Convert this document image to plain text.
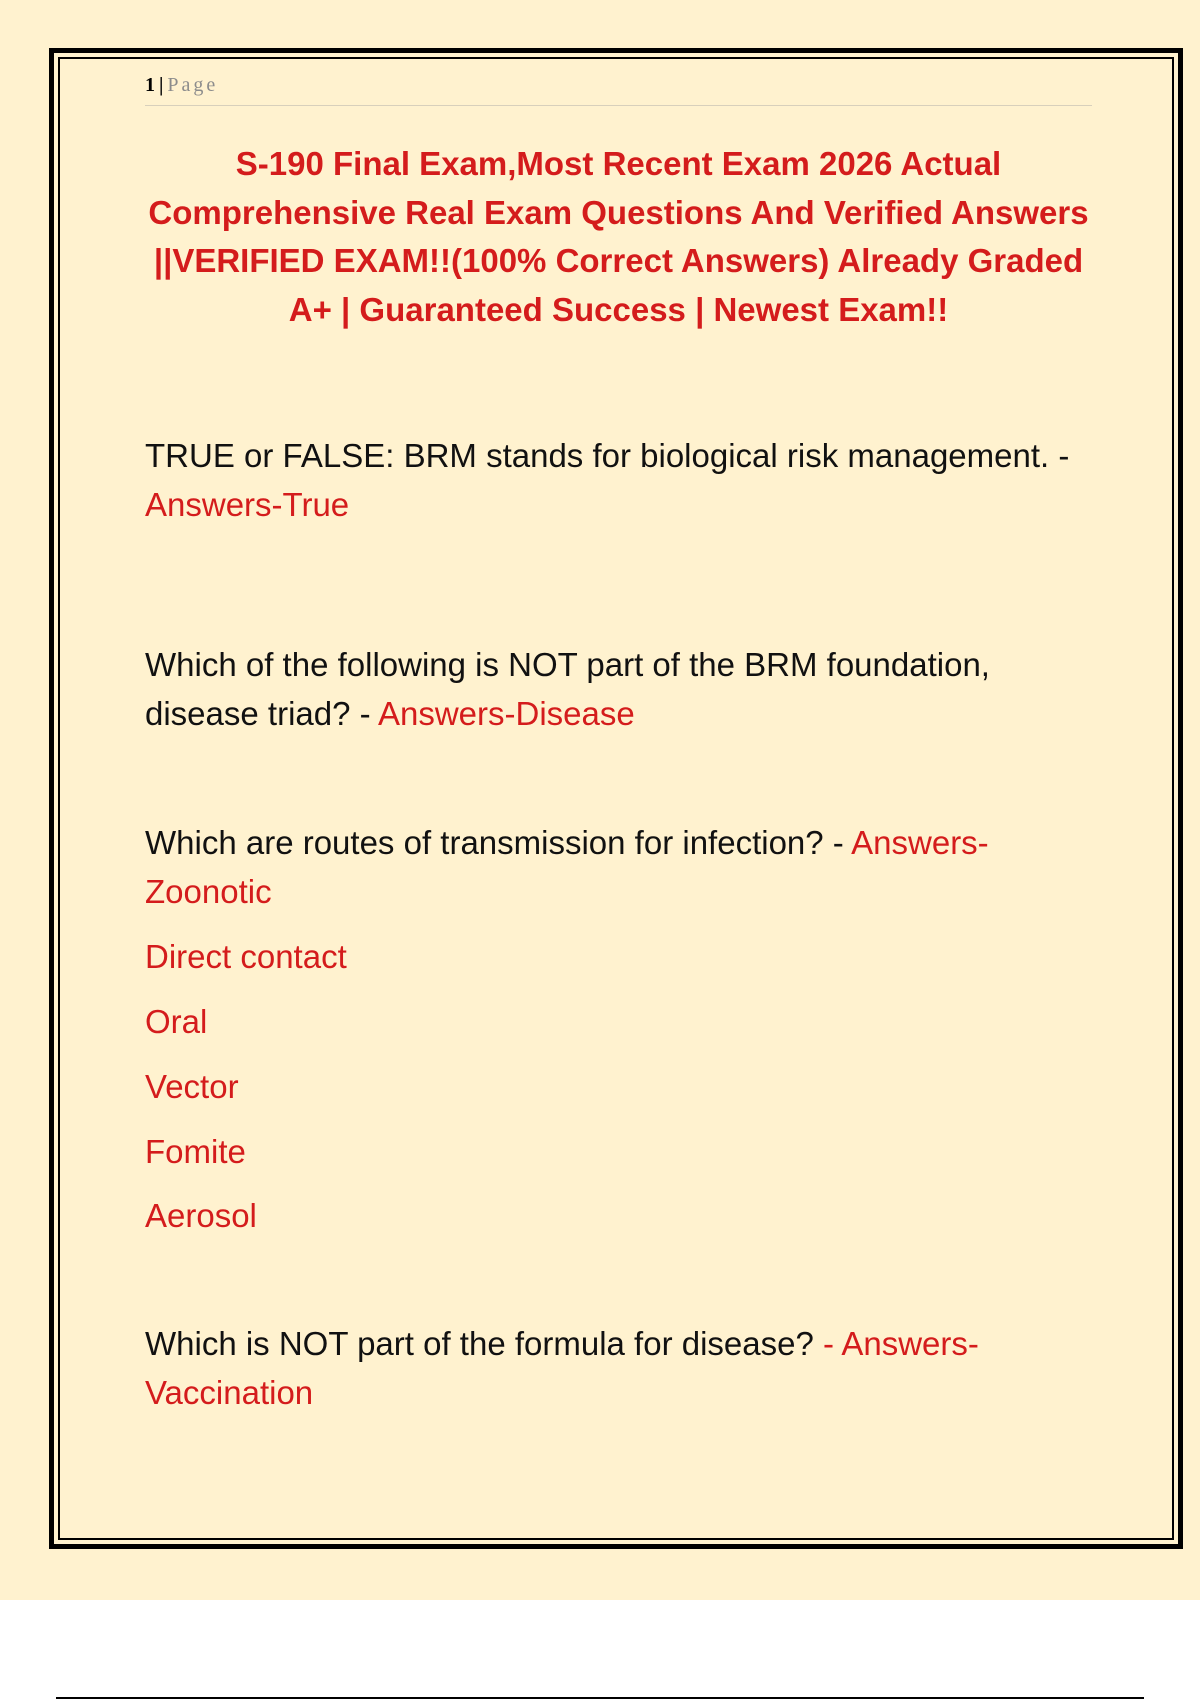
1 | Page

S-190 Final Exam,Most Recent Exam 2026 Actual Comprehensive Real Exam Questions And Verified Answers ||VERIFIED EXAM!!(100% Correct Answers) Already Graded A+ | Guaranteed Success | Newest Exam!!

TRUE or FALSE: BRM stands for biological risk management. - Answers-True
Which of the following is NOT part of the BRM foundation, disease triad? - Answers-Disease
Which are routes of transmission for infection? - Answers-Zoonotic
Direct contact
Oral
Vector
Fomite
Aerosol
Which is NOT part of the formula for disease? - Answers-Vaccination
